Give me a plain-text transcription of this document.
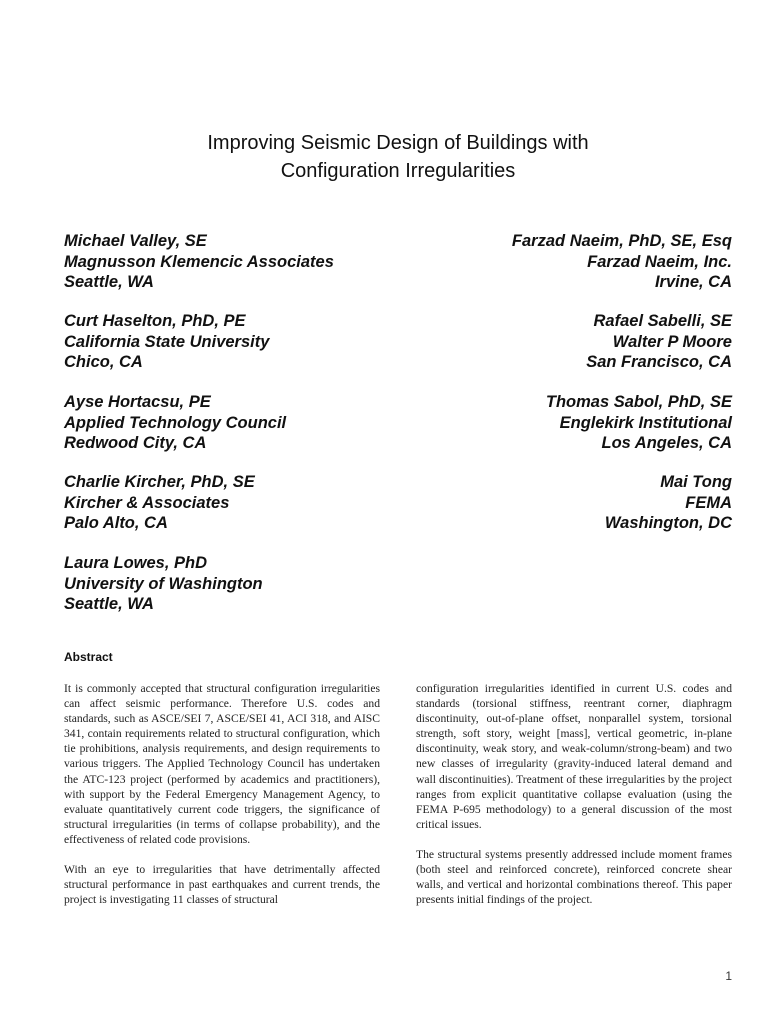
Improving Seismic Design of Buildings with
Configuration Irregularities
Michael Valley, SE
Magnusson Klemencic Associates
Seattle, WA
Curt Haselton, PhD, PE
California State University
Chico, CA
Ayse Hortacsu, PE
Applied Technology Council
Redwood City, CA
Charlie Kircher, PhD, SE
Kircher & Associates
Palo Alto, CA
Laura Lowes, PhD
University of Washington
Seattle, WA
Farzad Naeim, PhD, SE, Esq
Farzad Naeim, Inc.
Irvine, CA
Rafael Sabelli, SE
Walter P Moore
San Francisco, CA
Thomas Sabol, PhD, SE
Englekirk Institutional
Los Angeles, CA
Mai Tong
FEMA
Washington, DC
Abstract

It is commonly accepted that structural configuration irregularities can affect seismic performance. Therefore U.S. codes and standards, such as ASCE/SEI 7, ASCE/SEI 41, ACI 318, and AISC 341, contain requirements related to structural configuration, which tie prohibitions, analysis requirements, and design requirements to various triggers. The Applied Technology Council has undertaken the ATC-123 project (performed by academics and practitioners), with support by the Federal Emergency Management Agency, to evaluate quantitatively current code triggers, the significance of structural irregularities (in terms of collapse probability), and the effectiveness of related code provisions.

With an eye to irregularities that have detrimentally affected structural performance in past earthquakes and current trends, the project is investigating 11 classes of structural

configuration irregularities identified in current U.S. codes and standards (torsional stiffness, reentrant corner, diaphragm discontinuity, out-of-plane offset, nonparallel system, torsional strength, soft story, weight [mass], vertical geometric, in-plane discontinuity, weak story, and weak-column/strong-beam) and two new classes of irregularity (gravity-induced lateral demand and wall discontinuities). Treatment of these irregularities by the project ranges from explicit quantitative collapse evaluation (using the FEMA P-695 methodology) to a general discussion of the most critical issues.

The structural systems presently addressed include moment frames (both steel and reinforced concrete), reinforced concrete shear walls, and vertical and horizontal combinations thereof. This paper presents initial findings of the project.

1
